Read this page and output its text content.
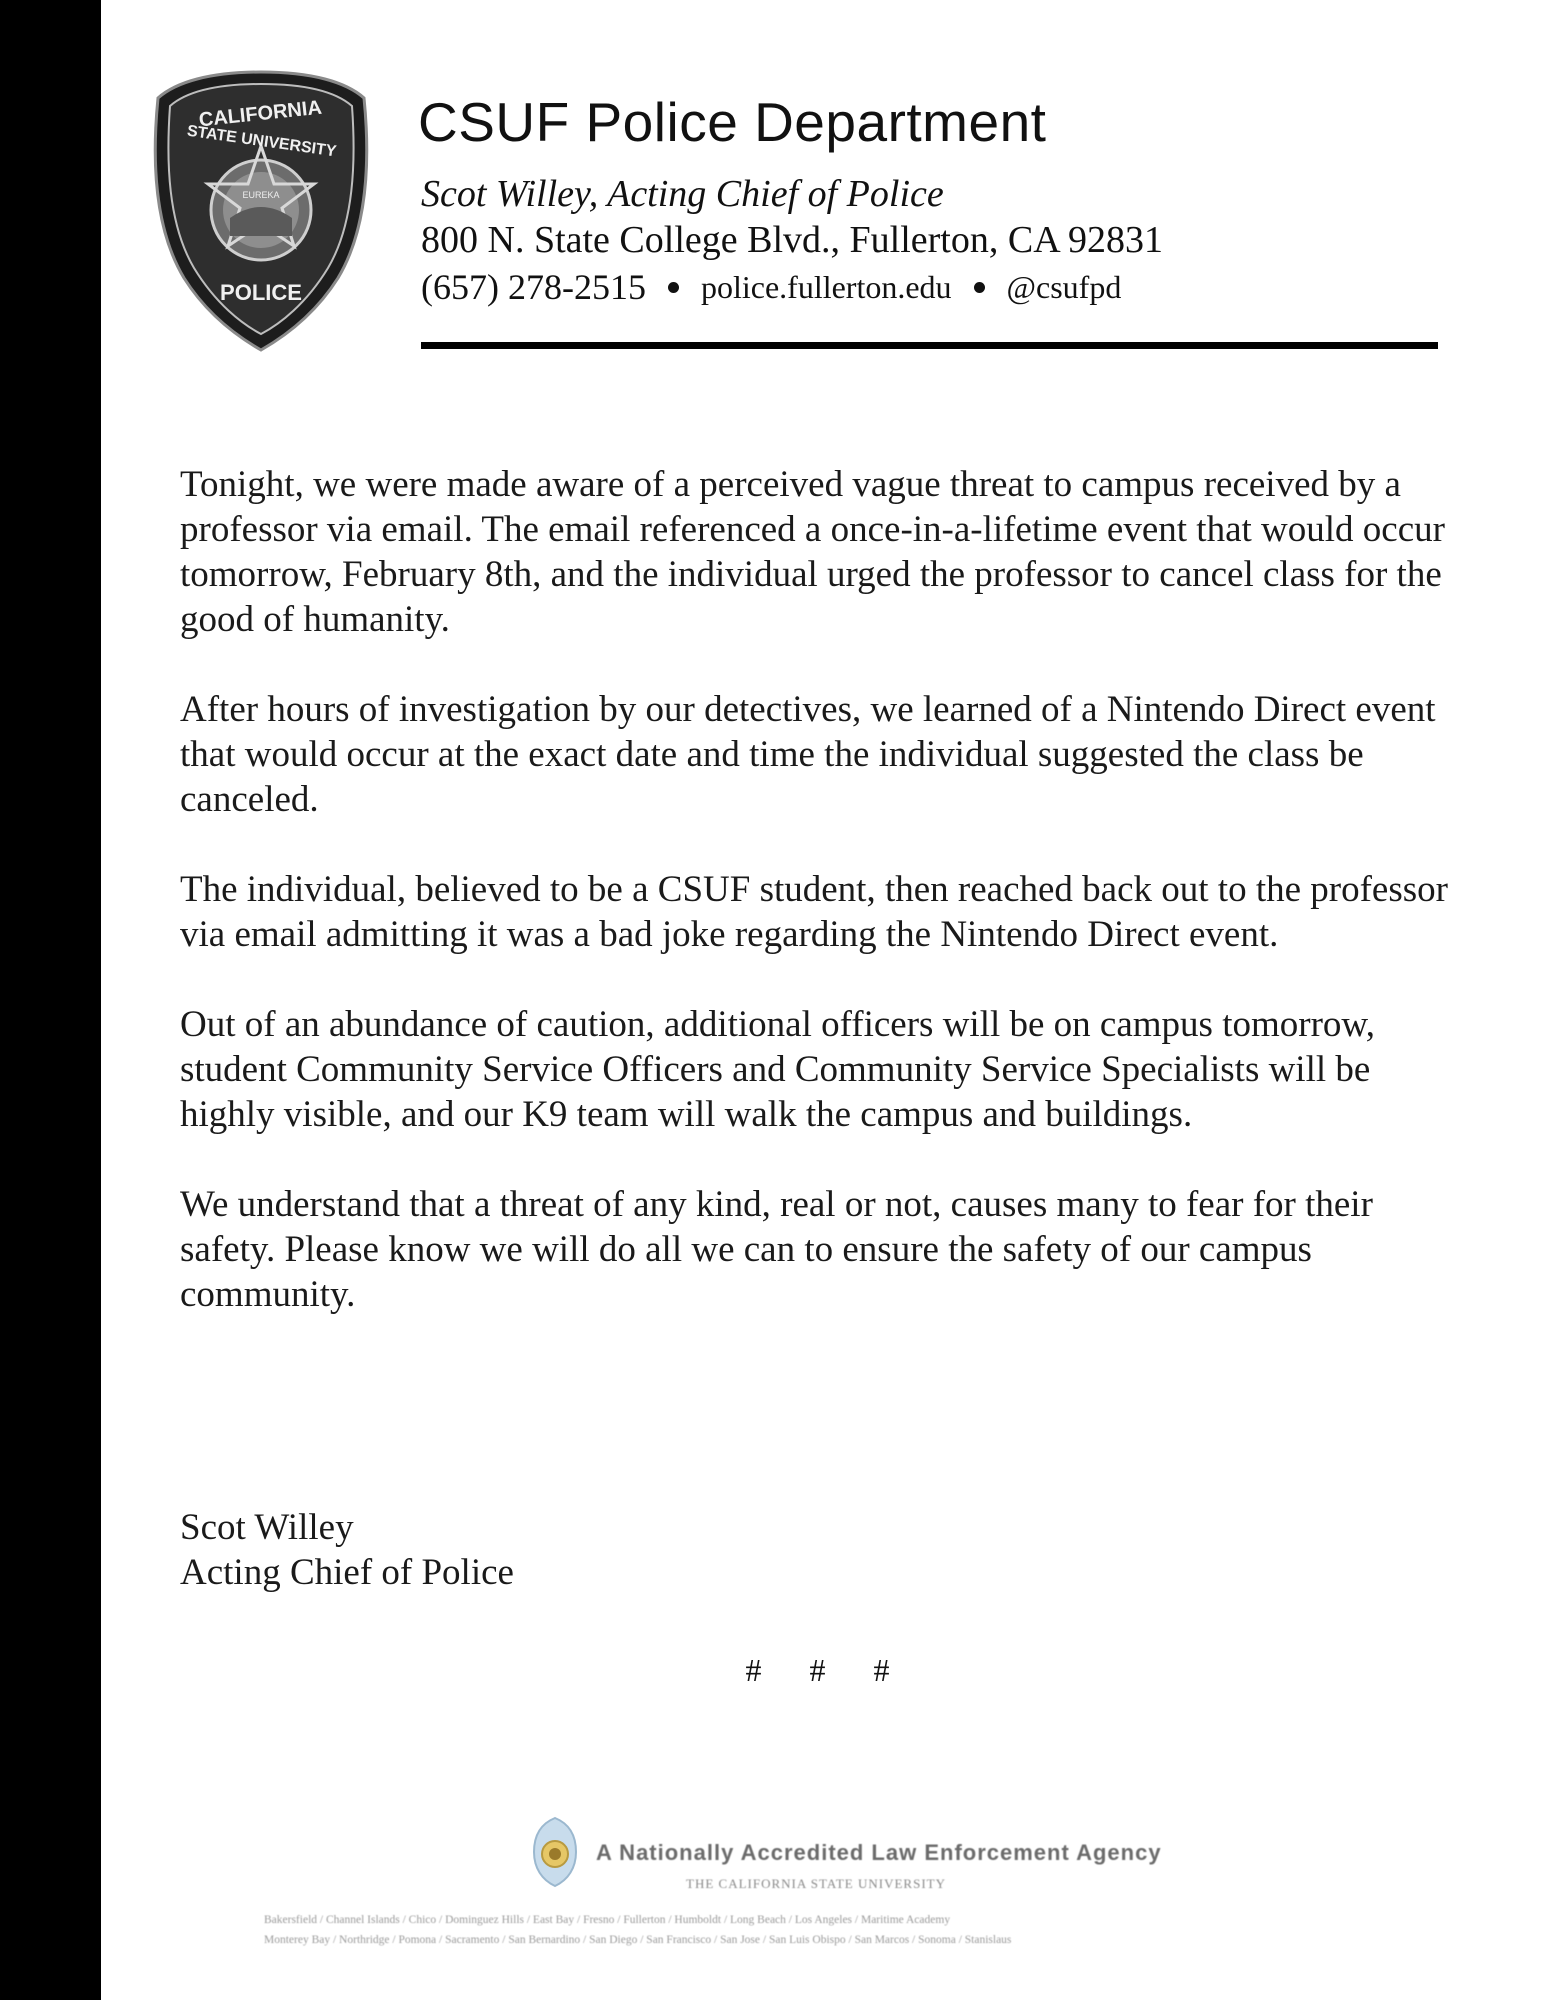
EUREKA
CALIFORNIA
STATE UNIVERSITY
POLICE
CSUF Police Department
Scot Willey, Acting Chief of Police
800 N. State College Blvd., Fullerton, CA 92831
(657) 278-2515 police.fullerton.edu @csufpd

Tonight, we were made aware of a perceived vague threat to campus received by a professor via email. The email referenced a once-in-a-lifetime event that would occur tomorrow, February 8th, and the individual urged the professor to cancel class for the good of humanity.

After hours of investigation by our detectives, we learned of a Nintendo Direct event that would occur at the exact date and time the individual suggested the class be canceled.

The individual, believed to be a CSUF student, then reached back out to the professor via email admitting it was a bad joke regarding the Nintendo Direct event.

Out of an abundance of caution, additional officers will be on campus tomorrow, student Community Service Officers and Community Service Specialists will be highly visible, and our K9 team will walk the campus and buildings.

We understand that a threat of any kind, real or not, causes many to fear for their safety. Please know we will do all we can to ensure the safety of our campus community.

Scot Willey
Acting Chief of Police
# # #
A Nationally Accredited Law Enforcement Agency
THE CALIFORNIA STATE UNIVERSITY
Bakersfield / Channel Islands / Chico / Dominguez Hills / East Bay / Fresno / Fullerton / Humboldt / Long Beach / Los Angeles / Maritime Academy
Monterey Bay / Northridge / Pomona / Sacramento / San Bernardino / San Diego / San Francisco / San Jose / San Luis Obispo / San Marcos / Sonoma / Stanislaus
